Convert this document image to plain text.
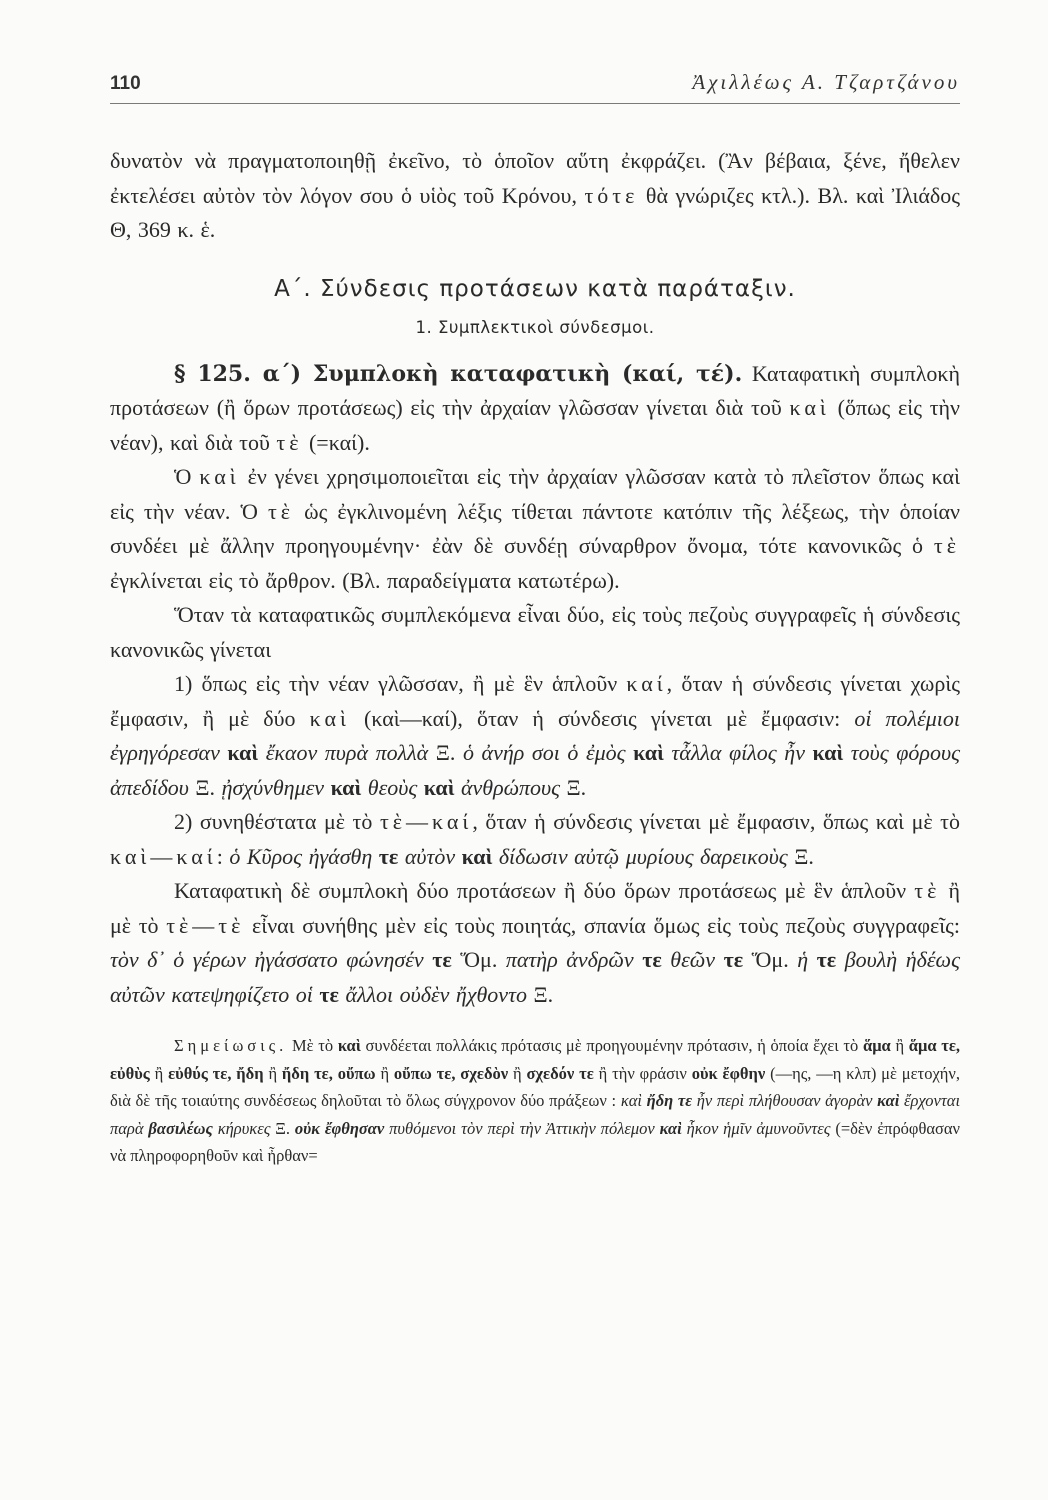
110	Ἀχιλλέως Α. Τζαρτζάνου

δυνατὸν νὰ πραγματοποιηθῇ ἐκεῖνο, τὸ ὁποῖον αὕτη ἐκφράζει. (Ἂν βέβαια, ξένε, ἤθελεν ἐκτελέσει αὐτὸν τὸν λόγον σου ὁ υἱὸς τοῦ Κρόνου, τότε θὰ γνώριζες κτλ.). Βλ. καὶ Ἰλιάδος Θ, 369 κ. ἑ.

Α΄. Σύνδεσις προτάσεων κατὰ παράταξιν.
1. Συμπλεκτικοὶ σύνδεσμοι.

§ 125. α΄) Συμπλοκὴ καταφατικὴ (καί, τέ). Καταφατικὴ συμπλοκὴ προτάσεων (ἢ ὅρων προτάσεως) εἰς τὴν ἀρχαίαν γλῶσσαν γίνεται διὰ τοῦ καὶ (ὅπως εἰς τὴν νέαν), καὶ διὰ τοῦ τὲ (=καί).

Ὁ καὶ ἐν γένει χρησιμοποιεῖται εἰς τὴν ἀρχαίαν γλῶσσαν κατὰ τὸ πλεῖστον ὅπως καὶ εἰς τὴν νέαν. Ὁ τὲ ὡς ἐγκλινομένη λέξις τίθεται πάντοτε κατόπιν τῆς λέξεως, τὴν ὁποίαν συνδέει μὲ ἄλλην προηγουμένην· ἐὰν δὲ συνδέῃ σύναρθρον ὄνομα, τότε κανονικῶς ὁ τὲ ἐγκλίνεται εἰς τὸ ἄρθρον. (Βλ. παραδείγματα κατωτέρω).

Ὅταν τὰ καταφατικῶς συμπλεκόμενα εἶναι δύο, εἰς τοὺς πεζοὺς συγγραφεῖς ἡ σύνδεσις κανονικῶς γίνεται

1) ὅπως εἰς τὴν νέαν γλῶσσαν, ἢ μὲ ἓν ἁπλοῦν καί, ὅταν ἡ σύνδεσις γίνεται χωρὶς ἔμφασιν, ἢ μὲ δύο καὶ (καὶ—καί), ὅταν ἡ σύνδεσις γίνεται μὲ ἔμφασιν: οἱ πολέμιοι ἐγρηγόρεσαν καὶ ἔκαον πυρὰ πολλὰ Ξ. ὁ ἀνήρ σοι ὁ ἐμὸς καὶ τἆλλα φίλος ἦν καὶ τοὺς φόρους ἀπεδίδου Ξ. ᾐσχύνθημεν καὶ θεοὺς καὶ ἀνθρώπους Ξ.

2) συνηθέστατα μὲ τὸ τὲ—καί, ὅταν ἡ σύνδεσις γίνεται μὲ ἔμφασιν, ὅπως καὶ μὲ τὸ καὶ—καί: ὁ Κῦρος ἠγάσθη τε αὐτὸν καὶ δίδωσιν αὐτῷ μυρίους δαρεικοὺς Ξ.

Καταφατικὴ δὲ συμπλοκὴ δύο προτάσεων ἢ δύο ὅρων προτάσεως μὲ ἓν ἁπλοῦν τὲ ἢ μὲ τὸ τὲ—τὲ εἶναι συνήθης μὲν εἰς τοὺς ποιητάς, σπανία ὅμως εἰς τοὺς πεζοὺς συγγραφεῖς: τὸν δ᾿ ὁ γέρων ἠγάσσατο φώνησέν τε Ὅμ. πατὴρ ἀνδρῶν τε θεῶν τε Ὅμ. ἡ τε βουλὴ ἡδέως αὐτῶν κατεψηφίζετο οἱ τε ἄλλοι οὐδὲν ἤχθοντο Ξ.

Σημείωσις. Μὲ τὸ καὶ συνδέεται πολλάκις πρότασις μὲ προηγουμένην πρότασιν, ἡ ὁποία ἔχει τὸ ἅμα ἢ ἅμα τε, εὐθὺς ἢ εὐθύς τε, ἤδη ἢ ἤδη τε, οὔπω ἢ οὔπω τε, σχεδὸν ἢ σχεδόν τε ἢ τὴν φράσιν οὐκ ἔφθην (—ης, —η κλπ) μὲ μετοχήν, διὰ δὲ τῆς τοιαύτης συνδέσεως δηλοῦται τὸ ὅλως σύγχρονον δύο πράξεων : καὶ ἤδη τε ἦν περὶ πλήθουσαν ἀγορὰν καὶ ἔρχονται παρὰ βασιλέως κήρυκες Ξ. οὐκ ἔφθησαν πυθόμενοι τὸν περὶ τὴν Ἀττικὴν πόλεμον καὶ ἧκον ἡμῖν ἀμυνοῦντες (=δὲν ἐπρόφθασαν νὰ πληροφορηθοῦν καὶ ἦρθαν=
